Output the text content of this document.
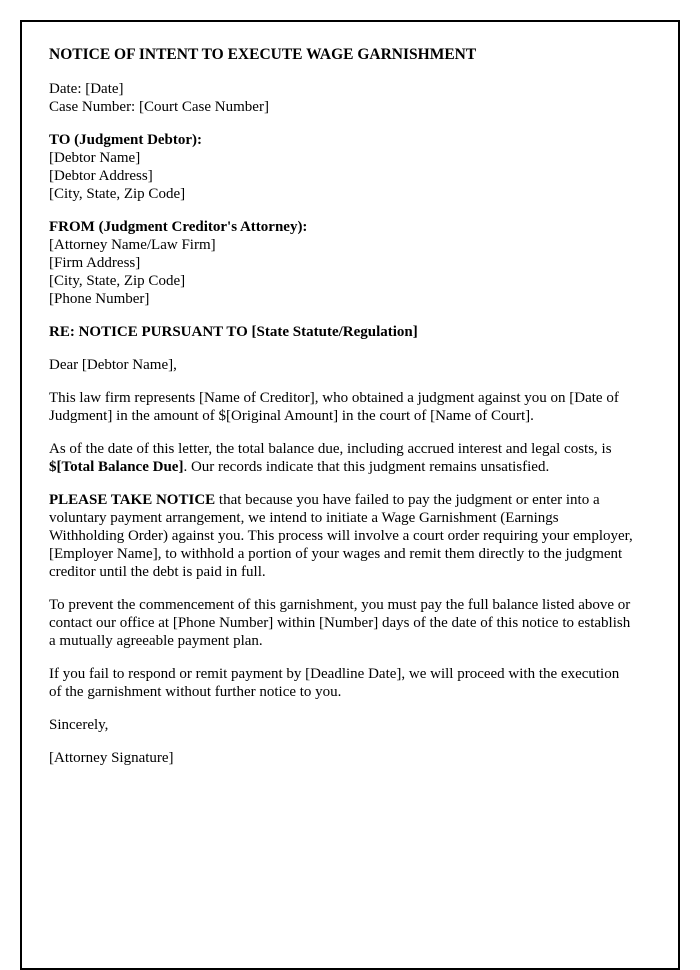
NOTICE OF INTENT TO EXECUTE WAGE GARNISHMENT
Date: [Date]
Case Number: [Court Case Number]
TO (Judgment Debtor):
[Debtor Name]
[Debtor Address]
[City, State, Zip Code]
FROM (Judgment Creditor's Attorney):
[Attorney Name/Law Firm]
[Firm Address]
[City, State, Zip Code]
[Phone Number]
RE: NOTICE PURSUANT TO [State Statute/Regulation]
Dear [Debtor Name],

This law firm represents [Name of Creditor], who obtained a judgment against you on [Date of Judgment] in the amount of $[Original Amount] in the court of [Name of Court].

As of the date of this letter, the total balance due, including accrued interest and legal costs, is $[Total Balance Due]. Our records indicate that this judgment remains unsatisfied.

PLEASE TAKE NOTICE that because you have failed to pay the judgment or enter into a voluntary payment arrangement, we intend to initiate a Wage Garnishment (Earnings Withholding Order) against you. This process will involve a court order requiring your employer, [Employer Name], to withhold a portion of your wages and remit them directly to the judgment creditor until the debt is paid in full.

To prevent the commencement of this garnishment, you must pay the full balance listed above or contact our office at [Phone Number] within [Number] days of the date of this notice to establish a mutually agreeable payment plan.

If you fail to respond or remit payment by [Deadline Date], we will proceed with the execution of the garnishment without further notice to you.

Sincerely,
[Attorney Signature]
